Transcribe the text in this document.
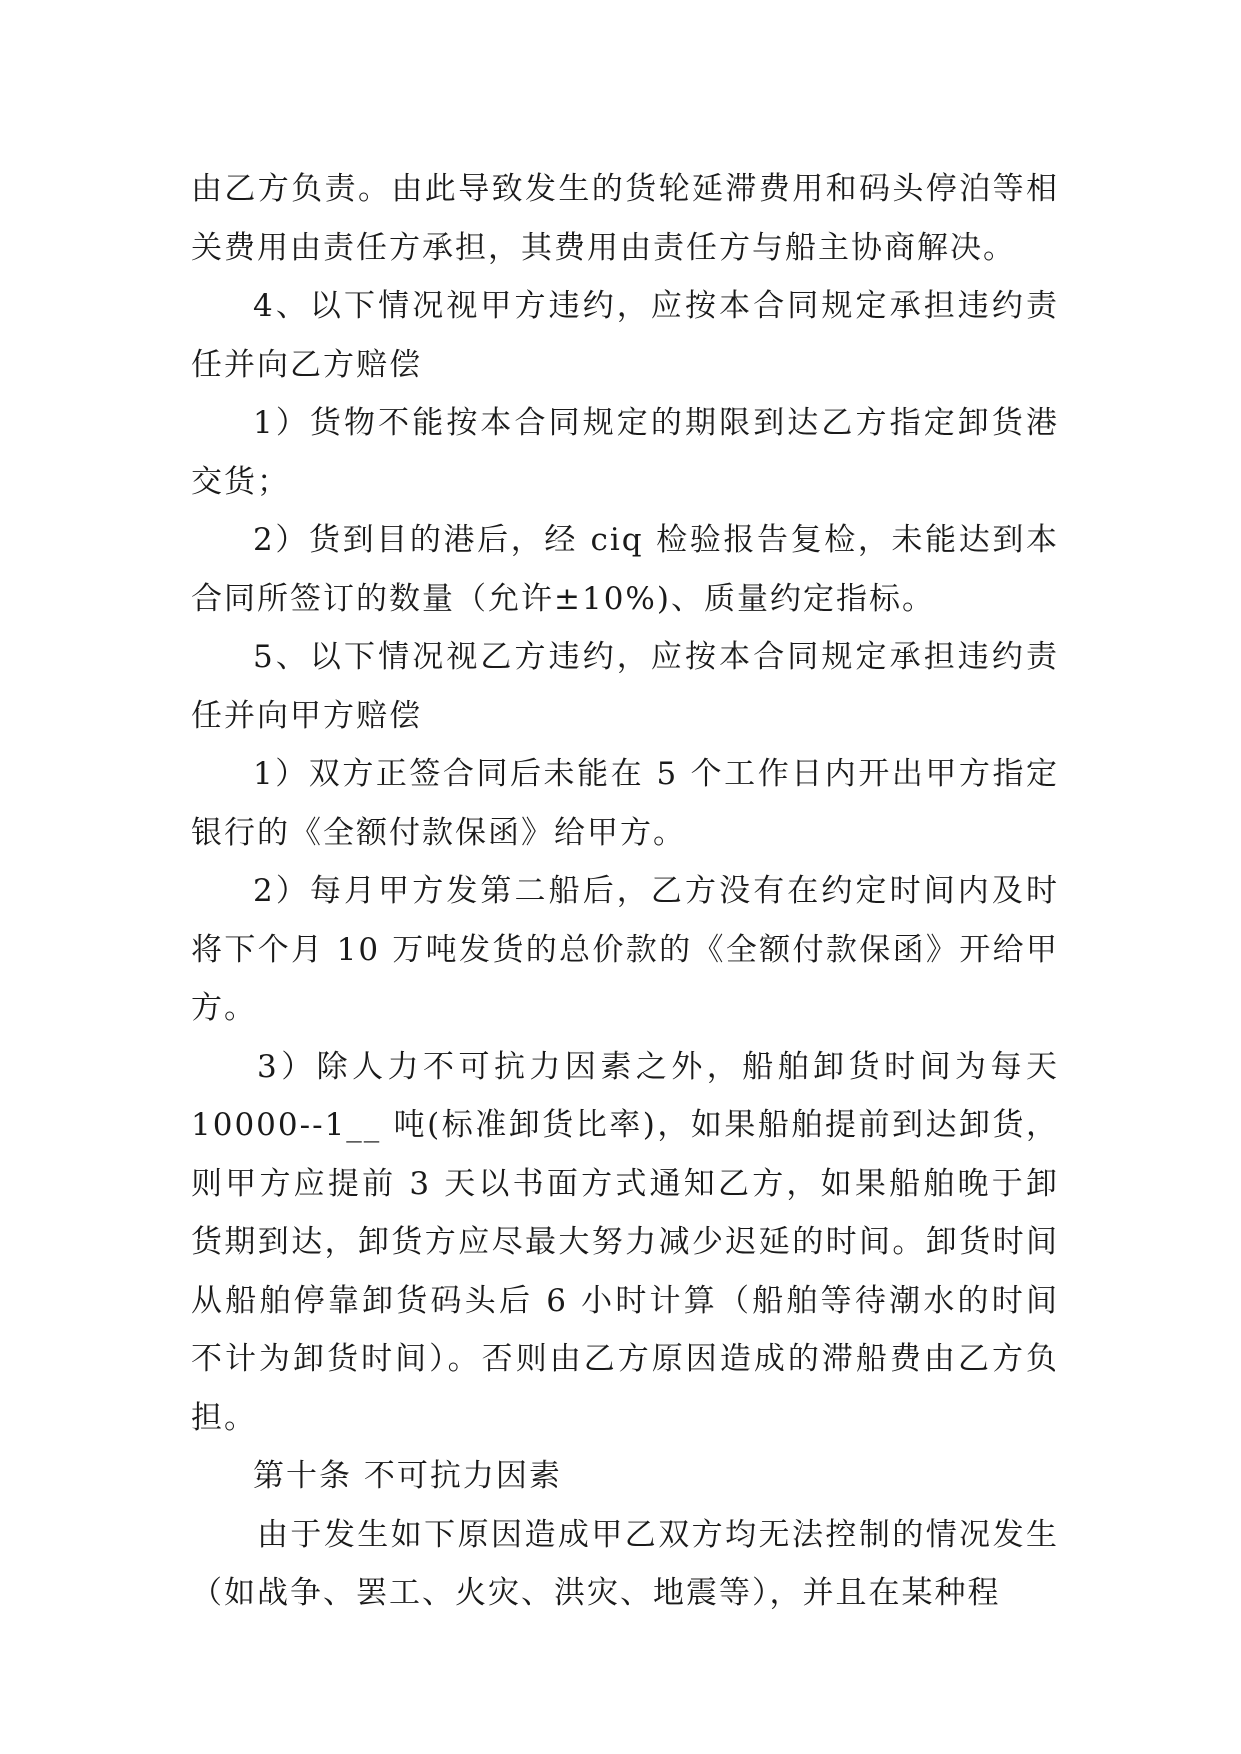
由乙方负责。由此导致发生的货轮延滞费用和码头停泊等相关费用由责任方承担，其费用由责任方与船主协商解决。

4、以下情况视甲方违约，应按本合同规定承担违约责任并向乙方赔偿

1）货物不能按本合同规定的期限到达乙方指定卸货港交货；

2）货到目的港后，经 ciq 检验报告复检，未能达到本合同所签订的数量（允许±10%)、质量约定指标。

5、以下情况视乙方违约，应按本合同规定承担违约责任并向甲方赔偿

1）双方正签合同后未能在 5 个工作日内开出甲方指定银行的《全额付款保函》给甲方。

2）每月甲方发第二船后，乙方没有在约定时间内及时将下个月 10 万吨发货的总价款的《全额付款保函》开给甲方。

3）除人力不可抗力因素之外，船舶卸货时间为每天10000--1__ 吨(标准卸货比率)，如果船舶提前到达卸货，则甲方应提前 3 天以书面方式通知乙方，如果船舶晚于卸货期到达，卸货方应尽最大努力减少迟延的时间。卸货时间从船舶停靠卸货码头后 6 小时计算（船舶等待潮水的时间不计为卸货时间）。否则由乙方原因造成的滞船费由乙方负担。

第十条 不可抗力因素

由于发生如下原因造成甲乙双方均无法控制的情况发生（如战争、罢工、火灾、洪灾、地震等），并且在某种程
